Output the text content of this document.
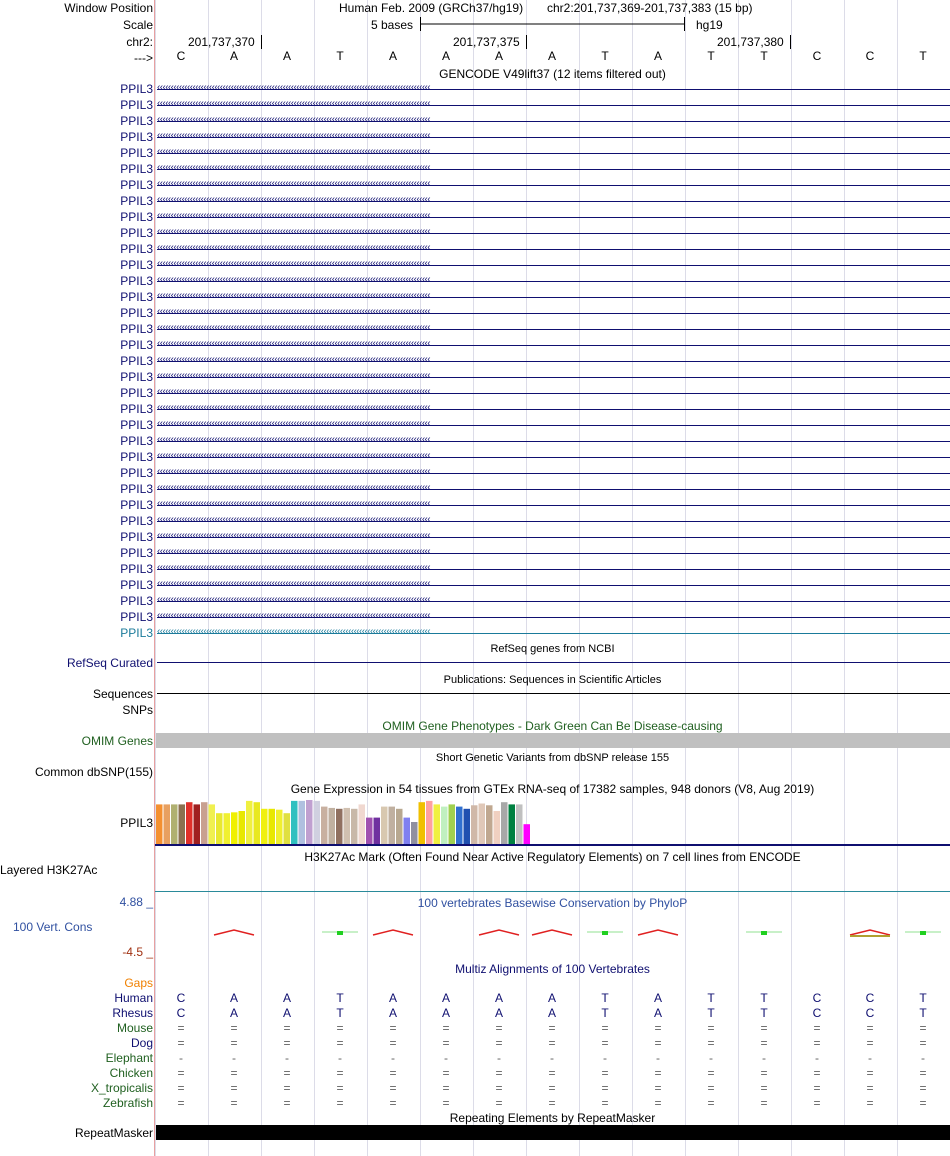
Window Position
Scale
chr2:
--->
Human Feb. 2009 (GRCh37/hg19) chr2:201,737,369-201,737,383 (15 bp)
5 bases	hg19
201,737,370	201,737,375	201,737,380
C	A	A	T	A	A	A	A	T	A	T	T	C	C	T
GENCODE V49lift37 (12 items filtered out)
PPIL3 ‹‹‹‹‹‹‹‹‹‹‹‹‹‹‹‹‹‹‹‹‹‹‹‹‹‹‹‹‹‹‹‹‹‹‹‹‹‹‹‹‹‹‹‹‹‹‹‹‹‹‹‹‹‹‹‹‹‹‹‹‹‹‹‹‹‹‹‹‹‹‹‹‹‹‹‹‹‹‹‹‹‹‹‹‹‹‹‹‹‹‹‹‹‹‹‹‹‹‹‹
PPIL3 ‹‹‹‹‹‹‹‹‹‹‹‹‹‹‹‹‹‹‹‹‹‹‹‹‹‹‹‹‹‹‹‹‹‹‹‹‹‹‹‹‹‹‹‹‹‹‹‹‹‹‹‹‹‹‹‹‹‹‹‹‹‹‹‹‹‹‹‹‹‹‹‹‹‹‹‹‹‹‹‹‹‹‹‹‹‹‹‹‹‹‹‹‹‹‹‹‹‹‹‹
PPIL3 ‹‹‹‹‹‹‹‹‹‹‹‹‹‹‹‹‹‹‹‹‹‹‹‹‹‹‹‹‹‹‹‹‹‹‹‹‹‹‹‹‹‹‹‹‹‹‹‹‹‹‹‹‹‹‹‹‹‹‹‹‹‹‹‹‹‹‹‹‹‹‹‹‹‹‹‹‹‹‹‹‹‹‹‹‹‹‹‹‹‹‹‹‹‹‹‹‹‹‹‹
PPIL3 ‹‹‹‹‹‹‹‹‹‹‹‹‹‹‹‹‹‹‹‹‹‹‹‹‹‹‹‹‹‹‹‹‹‹‹‹‹‹‹‹‹‹‹‹‹‹‹‹‹‹‹‹‹‹‹‹‹‹‹‹‹‹‹‹‹‹‹‹‹‹‹‹‹‹‹‹‹‹‹‹‹‹‹‹‹‹‹‹‹‹‹‹‹‹‹‹‹‹‹‹
PPIL3 ‹‹‹‹‹‹‹‹‹‹‹‹‹‹‹‹‹‹‹‹‹‹‹‹‹‹‹‹‹‹‹‹‹‹‹‹‹‹‹‹‹‹‹‹‹‹‹‹‹‹‹‹‹‹‹‹‹‹‹‹‹‹‹‹‹‹‹‹‹‹‹‹‹‹‹‹‹‹‹‹‹‹‹‹‹‹‹‹‹‹‹‹‹‹‹‹‹‹‹‹
PPIL3 ‹‹‹‹‹‹‹‹‹‹‹‹‹‹‹‹‹‹‹‹‹‹‹‹‹‹‹‹‹‹‹‹‹‹‹‹‹‹‹‹‹‹‹‹‹‹‹‹‹‹‹‹‹‹‹‹‹‹‹‹‹‹‹‹‹‹‹‹‹‹‹‹‹‹‹‹‹‹‹‹‹‹‹‹‹‹‹‹‹‹‹‹‹‹‹‹‹‹‹‹
PPIL3 ‹‹‹‹‹‹‹‹‹‹‹‹‹‹‹‹‹‹‹‹‹‹‹‹‹‹‹‹‹‹‹‹‹‹‹‹‹‹‹‹‹‹‹‹‹‹‹‹‹‹‹‹‹‹‹‹‹‹‹‹‹‹‹‹‹‹‹‹‹‹‹‹‹‹‹‹‹‹‹‹‹‹‹‹‹‹‹‹‹‹‹‹‹‹‹‹‹‹‹‹
PPIL3 ‹‹‹‹‹‹‹‹‹‹‹‹‹‹‹‹‹‹‹‹‹‹‹‹‹‹‹‹‹‹‹‹‹‹‹‹‹‹‹‹‹‹‹‹‹‹‹‹‹‹‹‹‹‹‹‹‹‹‹‹‹‹‹‹‹‹‹‹‹‹‹‹‹‹‹‹‹‹‹‹‹‹‹‹‹‹‹‹‹‹‹‹‹‹‹‹‹‹‹‹
PPIL3 ‹‹‹‹‹‹‹‹‹‹‹‹‹‹‹‹‹‹‹‹‹‹‹‹‹‹‹‹‹‹‹‹‹‹‹‹‹‹‹‹‹‹‹‹‹‹‹‹‹‹‹‹‹‹‹‹‹‹‹‹‹‹‹‹‹‹‹‹‹‹‹‹‹‹‹‹‹‹‹‹‹‹‹‹‹‹‹‹‹‹‹‹‹‹‹‹‹‹‹‹
PPIL3 ‹‹‹‹‹‹‹‹‹‹‹‹‹‹‹‹‹‹‹‹‹‹‹‹‹‹‹‹‹‹‹‹‹‹‹‹‹‹‹‹‹‹‹‹‹‹‹‹‹‹‹‹‹‹‹‹‹‹‹‹‹‹‹‹‹‹‹‹‹‹‹‹‹‹‹‹‹‹‹‹‹‹‹‹‹‹‹‹‹‹‹‹‹‹‹‹‹‹‹‹
PPIL3 ‹‹‹‹‹‹‹‹‹‹‹‹‹‹‹‹‹‹‹‹‹‹‹‹‹‹‹‹‹‹‹‹‹‹‹‹‹‹‹‹‹‹‹‹‹‹‹‹‹‹‹‹‹‹‹‹‹‹‹‹‹‹‹‹‹‹‹‹‹‹‹‹‹‹‹‹‹‹‹‹‹‹‹‹‹‹‹‹‹‹‹‹‹‹‹‹‹‹‹‹
PPIL3 ‹‹‹‹‹‹‹‹‹‹‹‹‹‹‹‹‹‹‹‹‹‹‹‹‹‹‹‹‹‹‹‹‹‹‹‹‹‹‹‹‹‹‹‹‹‹‹‹‹‹‹‹‹‹‹‹‹‹‹‹‹‹‹‹‹‹‹‹‹‹‹‹‹‹‹‹‹‹‹‹‹‹‹‹‹‹‹‹‹‹‹‹‹‹‹‹‹‹‹‹
PPIL3 ‹‹‹‹‹‹‹‹‹‹‹‹‹‹‹‹‹‹‹‹‹‹‹‹‹‹‹‹‹‹‹‹‹‹‹‹‹‹‹‹‹‹‹‹‹‹‹‹‹‹‹‹‹‹‹‹‹‹‹‹‹‹‹‹‹‹‹‹‹‹‹‹‹‹‹‹‹‹‹‹‹‹‹‹‹‹‹‹‹‹‹‹‹‹‹‹‹‹‹‹
PPIL3 ‹‹‹‹‹‹‹‹‹‹‹‹‹‹‹‹‹‹‹‹‹‹‹‹‹‹‹‹‹‹‹‹‹‹‹‹‹‹‹‹‹‹‹‹‹‹‹‹‹‹‹‹‹‹‹‹‹‹‹‹‹‹‹‹‹‹‹‹‹‹‹‹‹‹‹‹‹‹‹‹‹‹‹‹‹‹‹‹‹‹‹‹‹‹‹‹‹‹‹‹
PPIL3 ‹‹‹‹‹‹‹‹‹‹‹‹‹‹‹‹‹‹‹‹‹‹‹‹‹‹‹‹‹‹‹‹‹‹‹‹‹‹‹‹‹‹‹‹‹‹‹‹‹‹‹‹‹‹‹‹‹‹‹‹‹‹‹‹‹‹‹‹‹‹‹‹‹‹‹‹‹‹‹‹‹‹‹‹‹‹‹‹‹‹‹‹‹‹‹‹‹‹‹‹
PPIL3 ‹‹‹‹‹‹‹‹‹‹‹‹‹‹‹‹‹‹‹‹‹‹‹‹‹‹‹‹‹‹‹‹‹‹‹‹‹‹‹‹‹‹‹‹‹‹‹‹‹‹‹‹‹‹‹‹‹‹‹‹‹‹‹‹‹‹‹‹‹‹‹‹‹‹‹‹‹‹‹‹‹‹‹‹‹‹‹‹‹‹‹‹‹‹‹‹‹‹‹‹
PPIL3 ‹‹‹‹‹‹‹‹‹‹‹‹‹‹‹‹‹‹‹‹‹‹‹‹‹‹‹‹‹‹‹‹‹‹‹‹‹‹‹‹‹‹‹‹‹‹‹‹‹‹‹‹‹‹‹‹‹‹‹‹‹‹‹‹‹‹‹‹‹‹‹‹‹‹‹‹‹‹‹‹‹‹‹‹‹‹‹‹‹‹‹‹‹‹‹‹‹‹‹‹
PPIL3 ‹‹‹‹‹‹‹‹‹‹‹‹‹‹‹‹‹‹‹‹‹‹‹‹‹‹‹‹‹‹‹‹‹‹‹‹‹‹‹‹‹‹‹‹‹‹‹‹‹‹‹‹‹‹‹‹‹‹‹‹‹‹‹‹‹‹‹‹‹‹‹‹‹‹‹‹‹‹‹‹‹‹‹‹‹‹‹‹‹‹‹‹‹‹‹‹‹‹‹‹
PPIL3 ‹‹‹‹‹‹‹‹‹‹‹‹‹‹‹‹‹‹‹‹‹‹‹‹‹‹‹‹‹‹‹‹‹‹‹‹‹‹‹‹‹‹‹‹‹‹‹‹‹‹‹‹‹‹‹‹‹‹‹‹‹‹‹‹‹‹‹‹‹‹‹‹‹‹‹‹‹‹‹‹‹‹‹‹‹‹‹‹‹‹‹‹‹‹‹‹‹‹‹‹
PPIL3 ‹‹‹‹‹‹‹‹‹‹‹‹‹‹‹‹‹‹‹‹‹‹‹‹‹‹‹‹‹‹‹‹‹‹‹‹‹‹‹‹‹‹‹‹‹‹‹‹‹‹‹‹‹‹‹‹‹‹‹‹‹‹‹‹‹‹‹‹‹‹‹‹‹‹‹‹‹‹‹‹‹‹‹‹‹‹‹‹‹‹‹‹‹‹‹‹‹‹‹‹
PPIL3 ‹‹‹‹‹‹‹‹‹‹‹‹‹‹‹‹‹‹‹‹‹‹‹‹‹‹‹‹‹‹‹‹‹‹‹‹‹‹‹‹‹‹‹‹‹‹‹‹‹‹‹‹‹‹‹‹‹‹‹‹‹‹‹‹‹‹‹‹‹‹‹‹‹‹‹‹‹‹‹‹‹‹‹‹‹‹‹‹‹‹‹‹‹‹‹‹‹‹‹‹
PPIL3 ‹‹‹‹‹‹‹‹‹‹‹‹‹‹‹‹‹‹‹‹‹‹‹‹‹‹‹‹‹‹‹‹‹‹‹‹‹‹‹‹‹‹‹‹‹‹‹‹‹‹‹‹‹‹‹‹‹‹‹‹‹‹‹‹‹‹‹‹‹‹‹‹‹‹‹‹‹‹‹‹‹‹‹‹‹‹‹‹‹‹‹‹‹‹‹‹‹‹‹‹
PPIL3 ‹‹‹‹‹‹‹‹‹‹‹‹‹‹‹‹‹‹‹‹‹‹‹‹‹‹‹‹‹‹‹‹‹‹‹‹‹‹‹‹‹‹‹‹‹‹‹‹‹‹‹‹‹‹‹‹‹‹‹‹‹‹‹‹‹‹‹‹‹‹‹‹‹‹‹‹‹‹‹‹‹‹‹‹‹‹‹‹‹‹‹‹‹‹‹‹‹‹‹‹
PPIL3 ‹‹‹‹‹‹‹‹‹‹‹‹‹‹‹‹‹‹‹‹‹‹‹‹‹‹‹‹‹‹‹‹‹‹‹‹‹‹‹‹‹‹‹‹‹‹‹‹‹‹‹‹‹‹‹‹‹‹‹‹‹‹‹‹‹‹‹‹‹‹‹‹‹‹‹‹‹‹‹‹‹‹‹‹‹‹‹‹‹‹‹‹‹‹‹‹‹‹‹‹
PPIL3 ‹‹‹‹‹‹‹‹‹‹‹‹‹‹‹‹‹‹‹‹‹‹‹‹‹‹‹‹‹‹‹‹‹‹‹‹‹‹‹‹‹‹‹‹‹‹‹‹‹‹‹‹‹‹‹‹‹‹‹‹‹‹‹‹‹‹‹‹‹‹‹‹‹‹‹‹‹‹‹‹‹‹‹‹‹‹‹‹‹‹‹‹‹‹‹‹‹‹‹‹
PPIL3 ‹‹‹‹‹‹‹‹‹‹‹‹‹‹‹‹‹‹‹‹‹‹‹‹‹‹‹‹‹‹‹‹‹‹‹‹‹‹‹‹‹‹‹‹‹‹‹‹‹‹‹‹‹‹‹‹‹‹‹‹‹‹‹‹‹‹‹‹‹‹‹‹‹‹‹‹‹‹‹‹‹‹‹‹‹‹‹‹‹‹‹‹‹‹‹‹‹‹‹‹
PPIL3 ‹‹‹‹‹‹‹‹‹‹‹‹‹‹‹‹‹‹‹‹‹‹‹‹‹‹‹‹‹‹‹‹‹‹‹‹‹‹‹‹‹‹‹‹‹‹‹‹‹‹‹‹‹‹‹‹‹‹‹‹‹‹‹‹‹‹‹‹‹‹‹‹‹‹‹‹‹‹‹‹‹‹‹‹‹‹‹‹‹‹‹‹‹‹‹‹‹‹‹‹
PPIL3 ‹‹‹‹‹‹‹‹‹‹‹‹‹‹‹‹‹‹‹‹‹‹‹‹‹‹‹‹‹‹‹‹‹‹‹‹‹‹‹‹‹‹‹‹‹‹‹‹‹‹‹‹‹‹‹‹‹‹‹‹‹‹‹‹‹‹‹‹‹‹‹‹‹‹‹‹‹‹‹‹‹‹‹‹‹‹‹‹‹‹‹‹‹‹‹‹‹‹‹‹
PPIL3 ‹‹‹‹‹‹‹‹‹‹‹‹‹‹‹‹‹‹‹‹‹‹‹‹‹‹‹‹‹‹‹‹‹‹‹‹‹‹‹‹‹‹‹‹‹‹‹‹‹‹‹‹‹‹‹‹‹‹‹‹‹‹‹‹‹‹‹‹‹‹‹‹‹‹‹‹‹‹‹‹‹‹‹‹‹‹‹‹‹‹‹‹‹‹‹‹‹‹‹‹
PPIL3 ‹‹‹‹‹‹‹‹‹‹‹‹‹‹‹‹‹‹‹‹‹‹‹‹‹‹‹‹‹‹‹‹‹‹‹‹‹‹‹‹‹‹‹‹‹‹‹‹‹‹‹‹‹‹‹‹‹‹‹‹‹‹‹‹‹‹‹‹‹‹‹‹‹‹‹‹‹‹‹‹‹‹‹‹‹‹‹‹‹‹‹‹‹‹‹‹‹‹‹‹
PPIL3 ‹‹‹‹‹‹‹‹‹‹‹‹‹‹‹‹‹‹‹‹‹‹‹‹‹‹‹‹‹‹‹‹‹‹‹‹‹‹‹‹‹‹‹‹‹‹‹‹‹‹‹‹‹‹‹‹‹‹‹‹‹‹‹‹‹‹‹‹‹‹‹‹‹‹‹‹‹‹‹‹‹‹‹‹‹‹‹‹‹‹‹‹‹‹‹‹‹‹‹‹
PPIL3 ‹‹‹‹‹‹‹‹‹‹‹‹‹‹‹‹‹‹‹‹‹‹‹‹‹‹‹‹‹‹‹‹‹‹‹‹‹‹‹‹‹‹‹‹‹‹‹‹‹‹‹‹‹‹‹‹‹‹‹‹‹‹‹‹‹‹‹‹‹‹‹‹‹‹‹‹‹‹‹‹‹‹‹‹‹‹‹‹‹‹‹‹‹‹‹‹‹‹‹‹
PPIL3 ‹‹‹‹‹‹‹‹‹‹‹‹‹‹‹‹‹‹‹‹‹‹‹‹‹‹‹‹‹‹‹‹‹‹‹‹‹‹‹‹‹‹‹‹‹‹‹‹‹‹‹‹‹‹‹‹‹‹‹‹‹‹‹‹‹‹‹‹‹‹‹‹‹‹‹‹‹‹‹‹‹‹‹‹‹‹‹‹‹‹‹‹‹‹‹‹‹‹‹‹
PPIL3 ‹‹‹‹‹‹‹‹‹‹‹‹‹‹‹‹‹‹‹‹‹‹‹‹‹‹‹‹‹‹‹‹‹‹‹‹‹‹‹‹‹‹‹‹‹‹‹‹‹‹‹‹‹‹‹‹‹‹‹‹‹‹‹‹‹‹‹‹‹‹‹‹‹‹‹‹‹‹‹‹‹‹‹‹‹‹‹‹‹‹‹‹‹‹‹‹‹‹‹‹
PPIL3 ‹‹‹‹‹‹‹‹‹‹‹‹‹‹‹‹‹‹‹‹‹‹‹‹‹‹‹‹‹‹‹‹‹‹‹‹‹‹‹‹‹‹‹‹‹‹‹‹‹‹‹‹‹‹‹‹‹‹‹‹‹‹‹‹‹‹‹‹‹‹‹‹‹‹‹‹‹‹‹‹‹‹‹‹‹‹‹‹‹‹‹‹‹‹‹‹‹‹‹‹
RefSeq genes from NCBI
RefSeq Curated
Publications: Sequences in Scientific Articles
Sequences
SNPs
OMIM Gene Phenotypes - Dark Green Can Be Disease-causing
OMIM Genes
Short Genetic Variants from dbSNP release 155
Common dbSNP(155)
Gene Expression in 54 tissues from GTEx RNA-seq of 17382 samples, 948 donors (V8, Aug 2019)
PPIL3
H3K27Ac Mark (Often Found Near Active Regulatory Elements) on 7 cell lines from ENCODE
Layered H3K27Ac
100 vertebrates Basewise Conservation by PhyloP
4.88 _
100 Vert. Cons
-4.5 _
Multiz Alignments of 100 Vertebrates
Gaps
Human	C	A	A	T	A	A	A	A	T	A	T	T	C	C	T
Rhesus	C	A	A	T	A	A	A	A	T	A	T	T	C	C	T
Mouse	=	=	=	=	=	=	=	=	=	=	=	=	=	=	=
Dog	=	=	=	=	=	=	=	=	=	=	=	=	=	=	=
Elephant	-	-	-	-	-	-	-	-	-	-	-	-	-	-	-
Chicken	=	=	=	=	=	=	=	=	=	=	=	=	=	=	=
X_tropicalis	=	=	=	=	=	=	=	=	=	=	=	=	=	=	=
Zebrafish	=	=	=	=	=	=	=	=	=	=	=	=	=	=	=
Repeating Elements by RepeatMasker
RepeatMasker
